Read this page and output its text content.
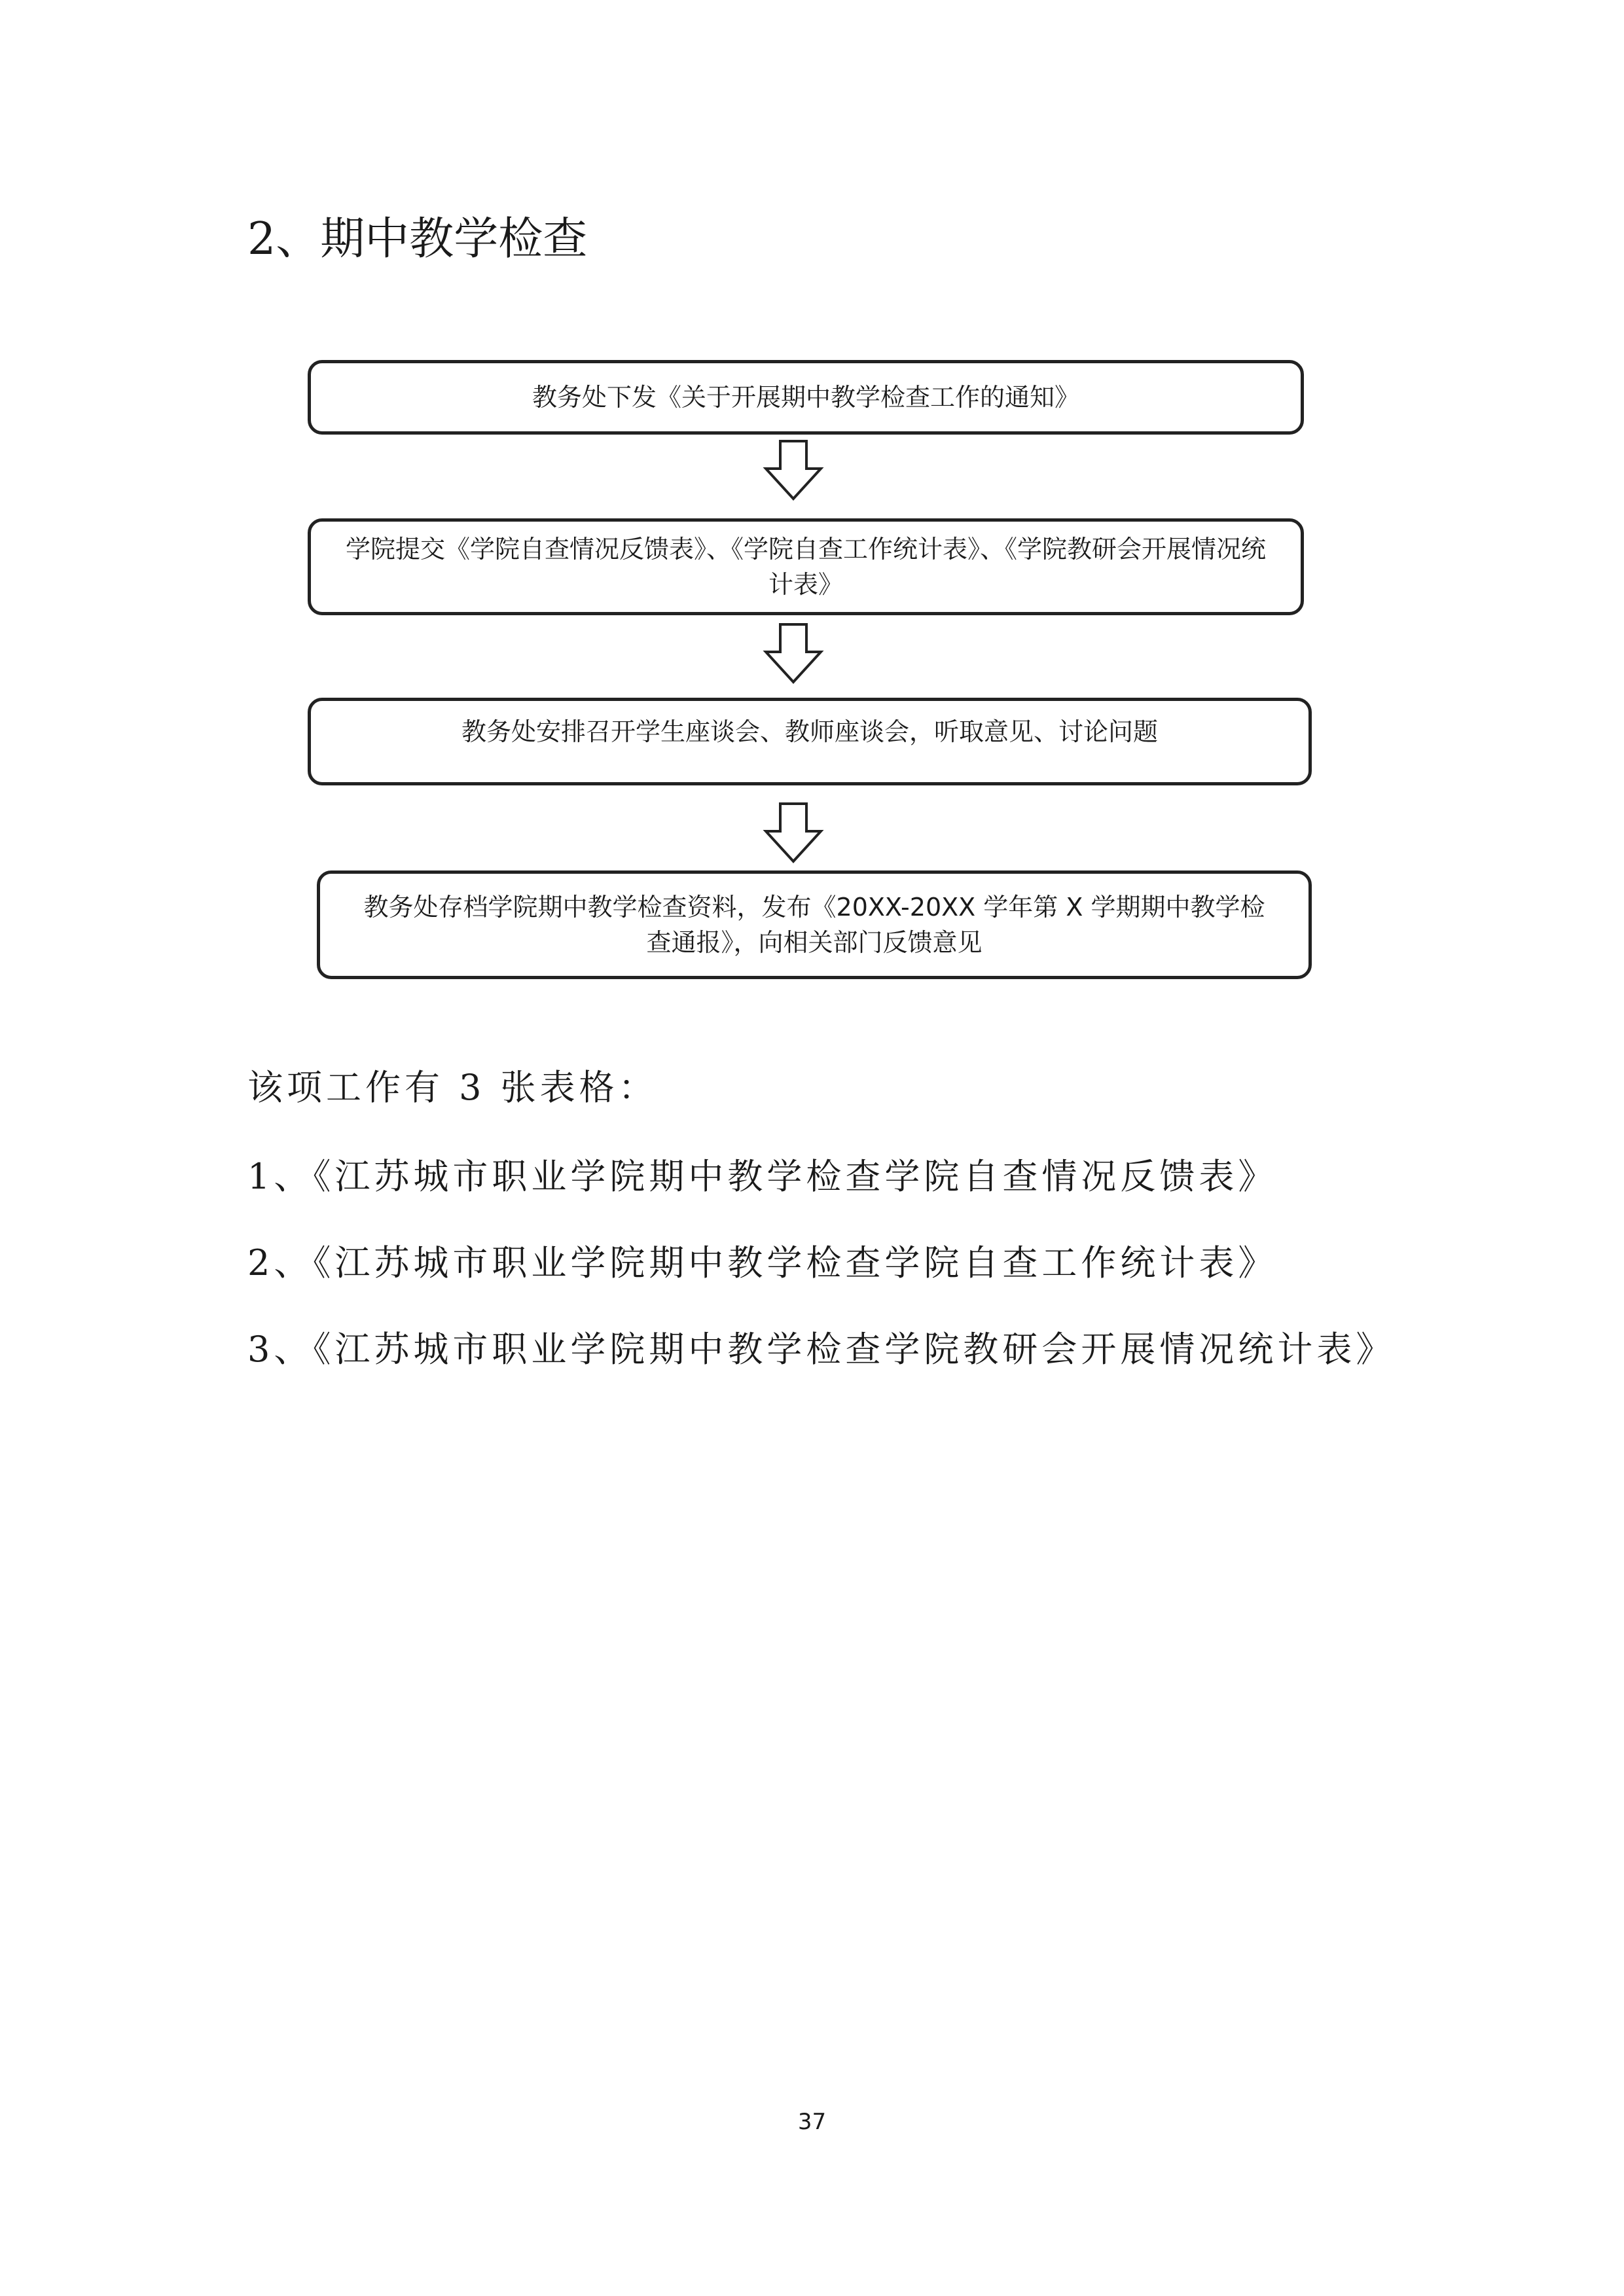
2、期中教学检查
教务处下发《关于开展期中教学检查工作的通知》
学院提交《学院自查情况反馈表》、《学院自查工作统计表》、《学院教研会开展情况统计表》
教务处安排召开学生座谈会、教师座谈会，听取意见、讨论问题
教务处存档学院期中教学检查资料，发布《20XX-20XX 学年第 X 学期期中教学检查通报》，向相关部门反馈意见
该项工作有 3 张表格：
1、《江苏城市职业学院期中教学检查学院自查情况反馈表》
2、《江苏城市职业学院期中教学检查学院自查工作统计表》
3、《江苏城市职业学院期中教学检查学院教研会开展情况统计表》
37
